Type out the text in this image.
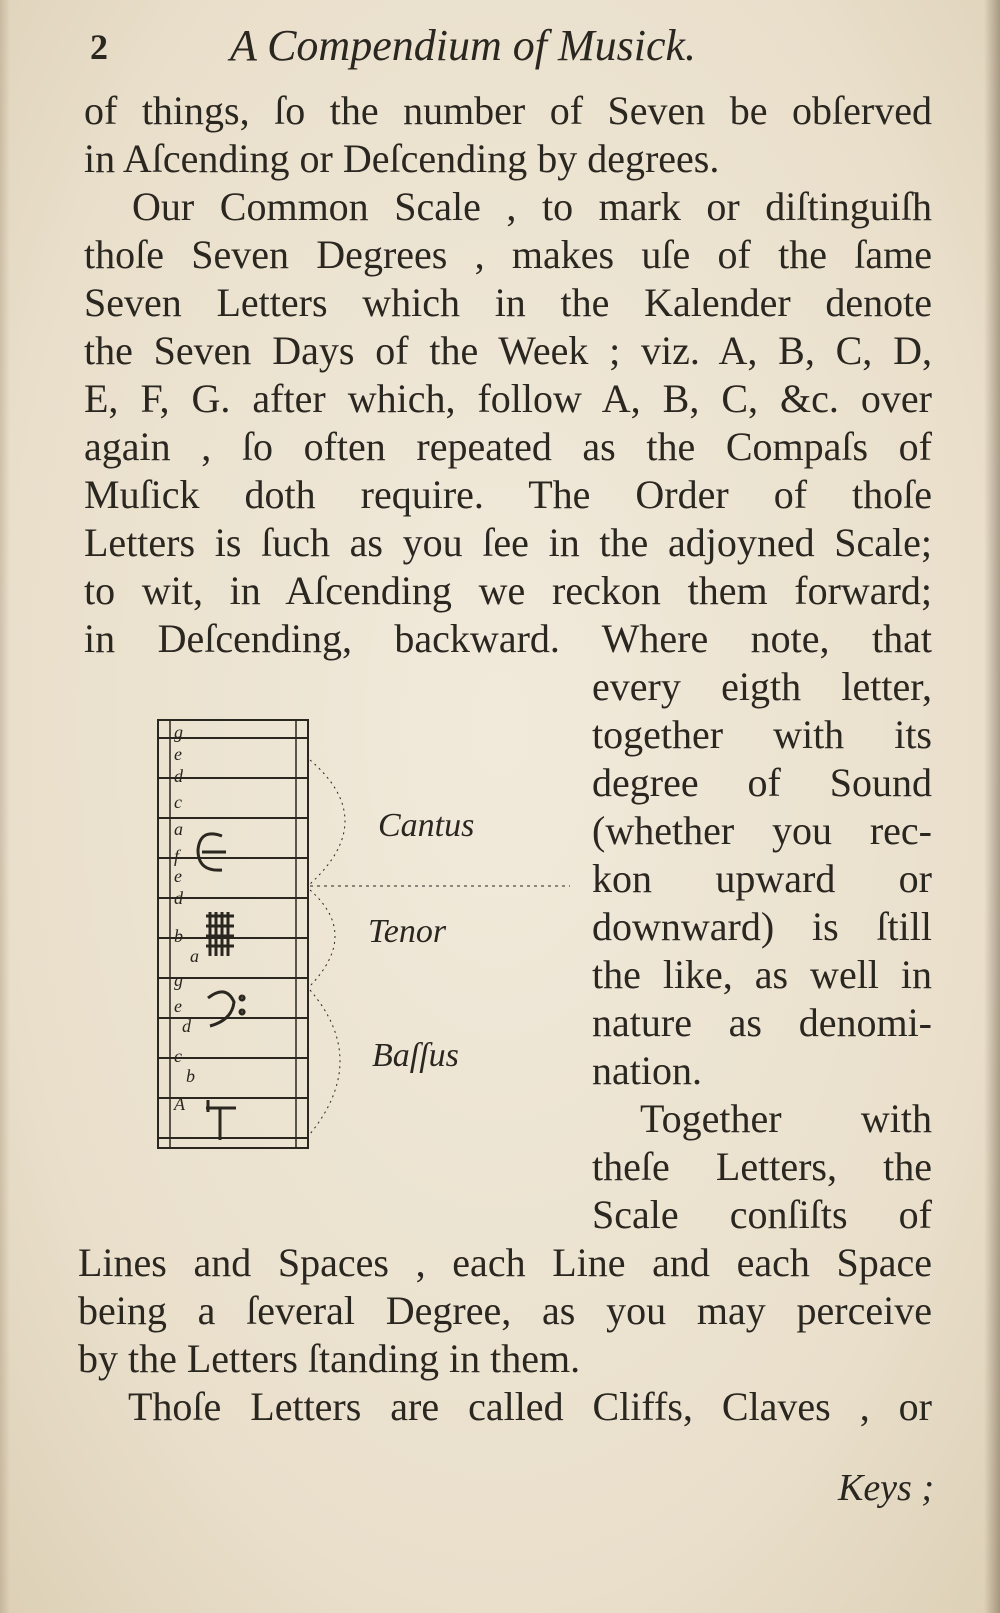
2	A Compendium of Musick.
of things, ſo the number of Seven be obſerved
in Aſcending or Deſcending by degrees.
Our Common Scale , to mark or diſtinguiſh
thoſe Seven Degrees , makes uſe of the ſame
Seven Letters which in the Kalender denote
the Seven Days of the Week ; viz. A, B, C, D,
E, F, G. after which, follow A, B, C, &c. over
again , ſo often repeated as the Compaſs of
Muſick doth require. The Order of thoſe
Letters is ſuch as you ſee in the adjoyned Scale;
to wit, in Aſcending we reckon them forward;
in Deſcending, backward. Where note, that
every eigth letter,
together with its
degree of Sound
(whether you rec-
kon upward or
downward) is ſtill
the like, as well in
nature as denomi-
nation.
Together with
theſe Letters, the
Scale conſiſts of
Lines and Spaces , each Line and each Space
being a ſeveral Degree, as you may perceive
by the Letters ſtanding in them.
Thoſe Letters are called Cliffs, Claves , or
Keys ;
g
e
d
c
a
f
e
d
b
a
g
e
d
c
b
A
Cantus
Tenor
Baſſus
